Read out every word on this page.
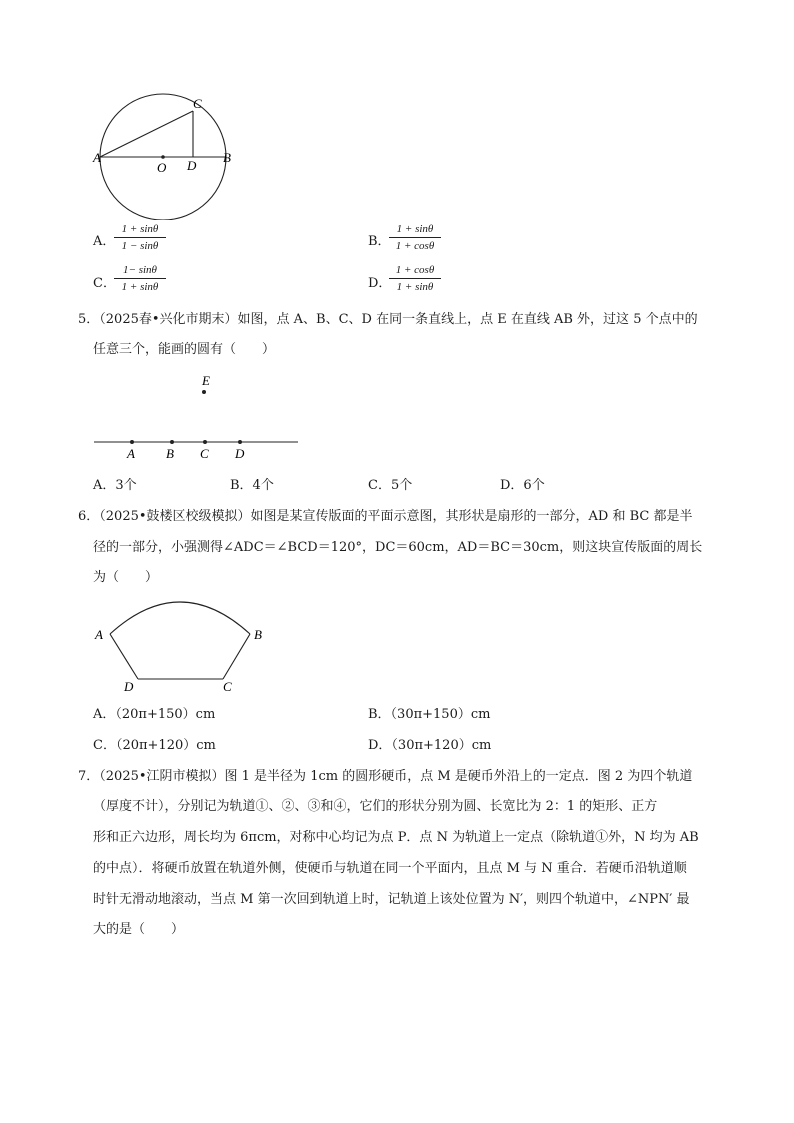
A
C
O D
B
A．
$\frac{1 + \sin\theta}{1 - \sin\theta}$	B．
$\frac{1 + \sin\theta}{1 + \cos\theta}$
C．
$\frac{1- \sin\theta}{1 + \sin\theta}$	D．
$\frac{1 + \cos\theta}{1 + \sin\theta}$
5．（2025春•兴化市期末）如图，点 A、B、C、D 在同一条直线上，点 E 在直线 AB 外，过这 5 个点中的
任意三个，能画的圆有（　　）
E
A B C D
A．3个	B．4个	C．5个	D．6个
6．（2025•鼓楼区校级模拟）如图是某宣传版面的平面示意图，其形状是扇形的一部分，AD 和 BC 都是半
径的一部分，小强测得∠ADC＝∠BCD＝120°，DC＝60cm，AD＝BC＝30cm，则这块宣传版面的周长
为（　　）
A	B
D	C
A．（20π+150）cm	B．（30π+150）cm
C．（20π+120）cm	D．（30π+120）cm
7．（2025•江阴市模拟）图 1 是半径为 1cm 的圆形硬币，点 M 是硬币外沿上的一定点．图 2 为四个轨道
（厚度不计），分别记为轨道①、②、③和④，它们的形状分别为圆、长宽比为 2：1 的矩形、正方
形和正六边形，周长均为 6πcm，对称中心均记为点 P．点 N 为轨道上一定点（除轨道①外，N 均为 AB
的中点）．将硬币放置在轨道外侧，使硬币与轨道在同一个平面内，且点 M 与 N 重合．若硬币沿轨道顺
时针无滑动地滚动，当点 M 第一次回到轨道上时，记轨道上该处位置为 N′，则四个轨道中，∠NPN′ 最
大的是（　　）
